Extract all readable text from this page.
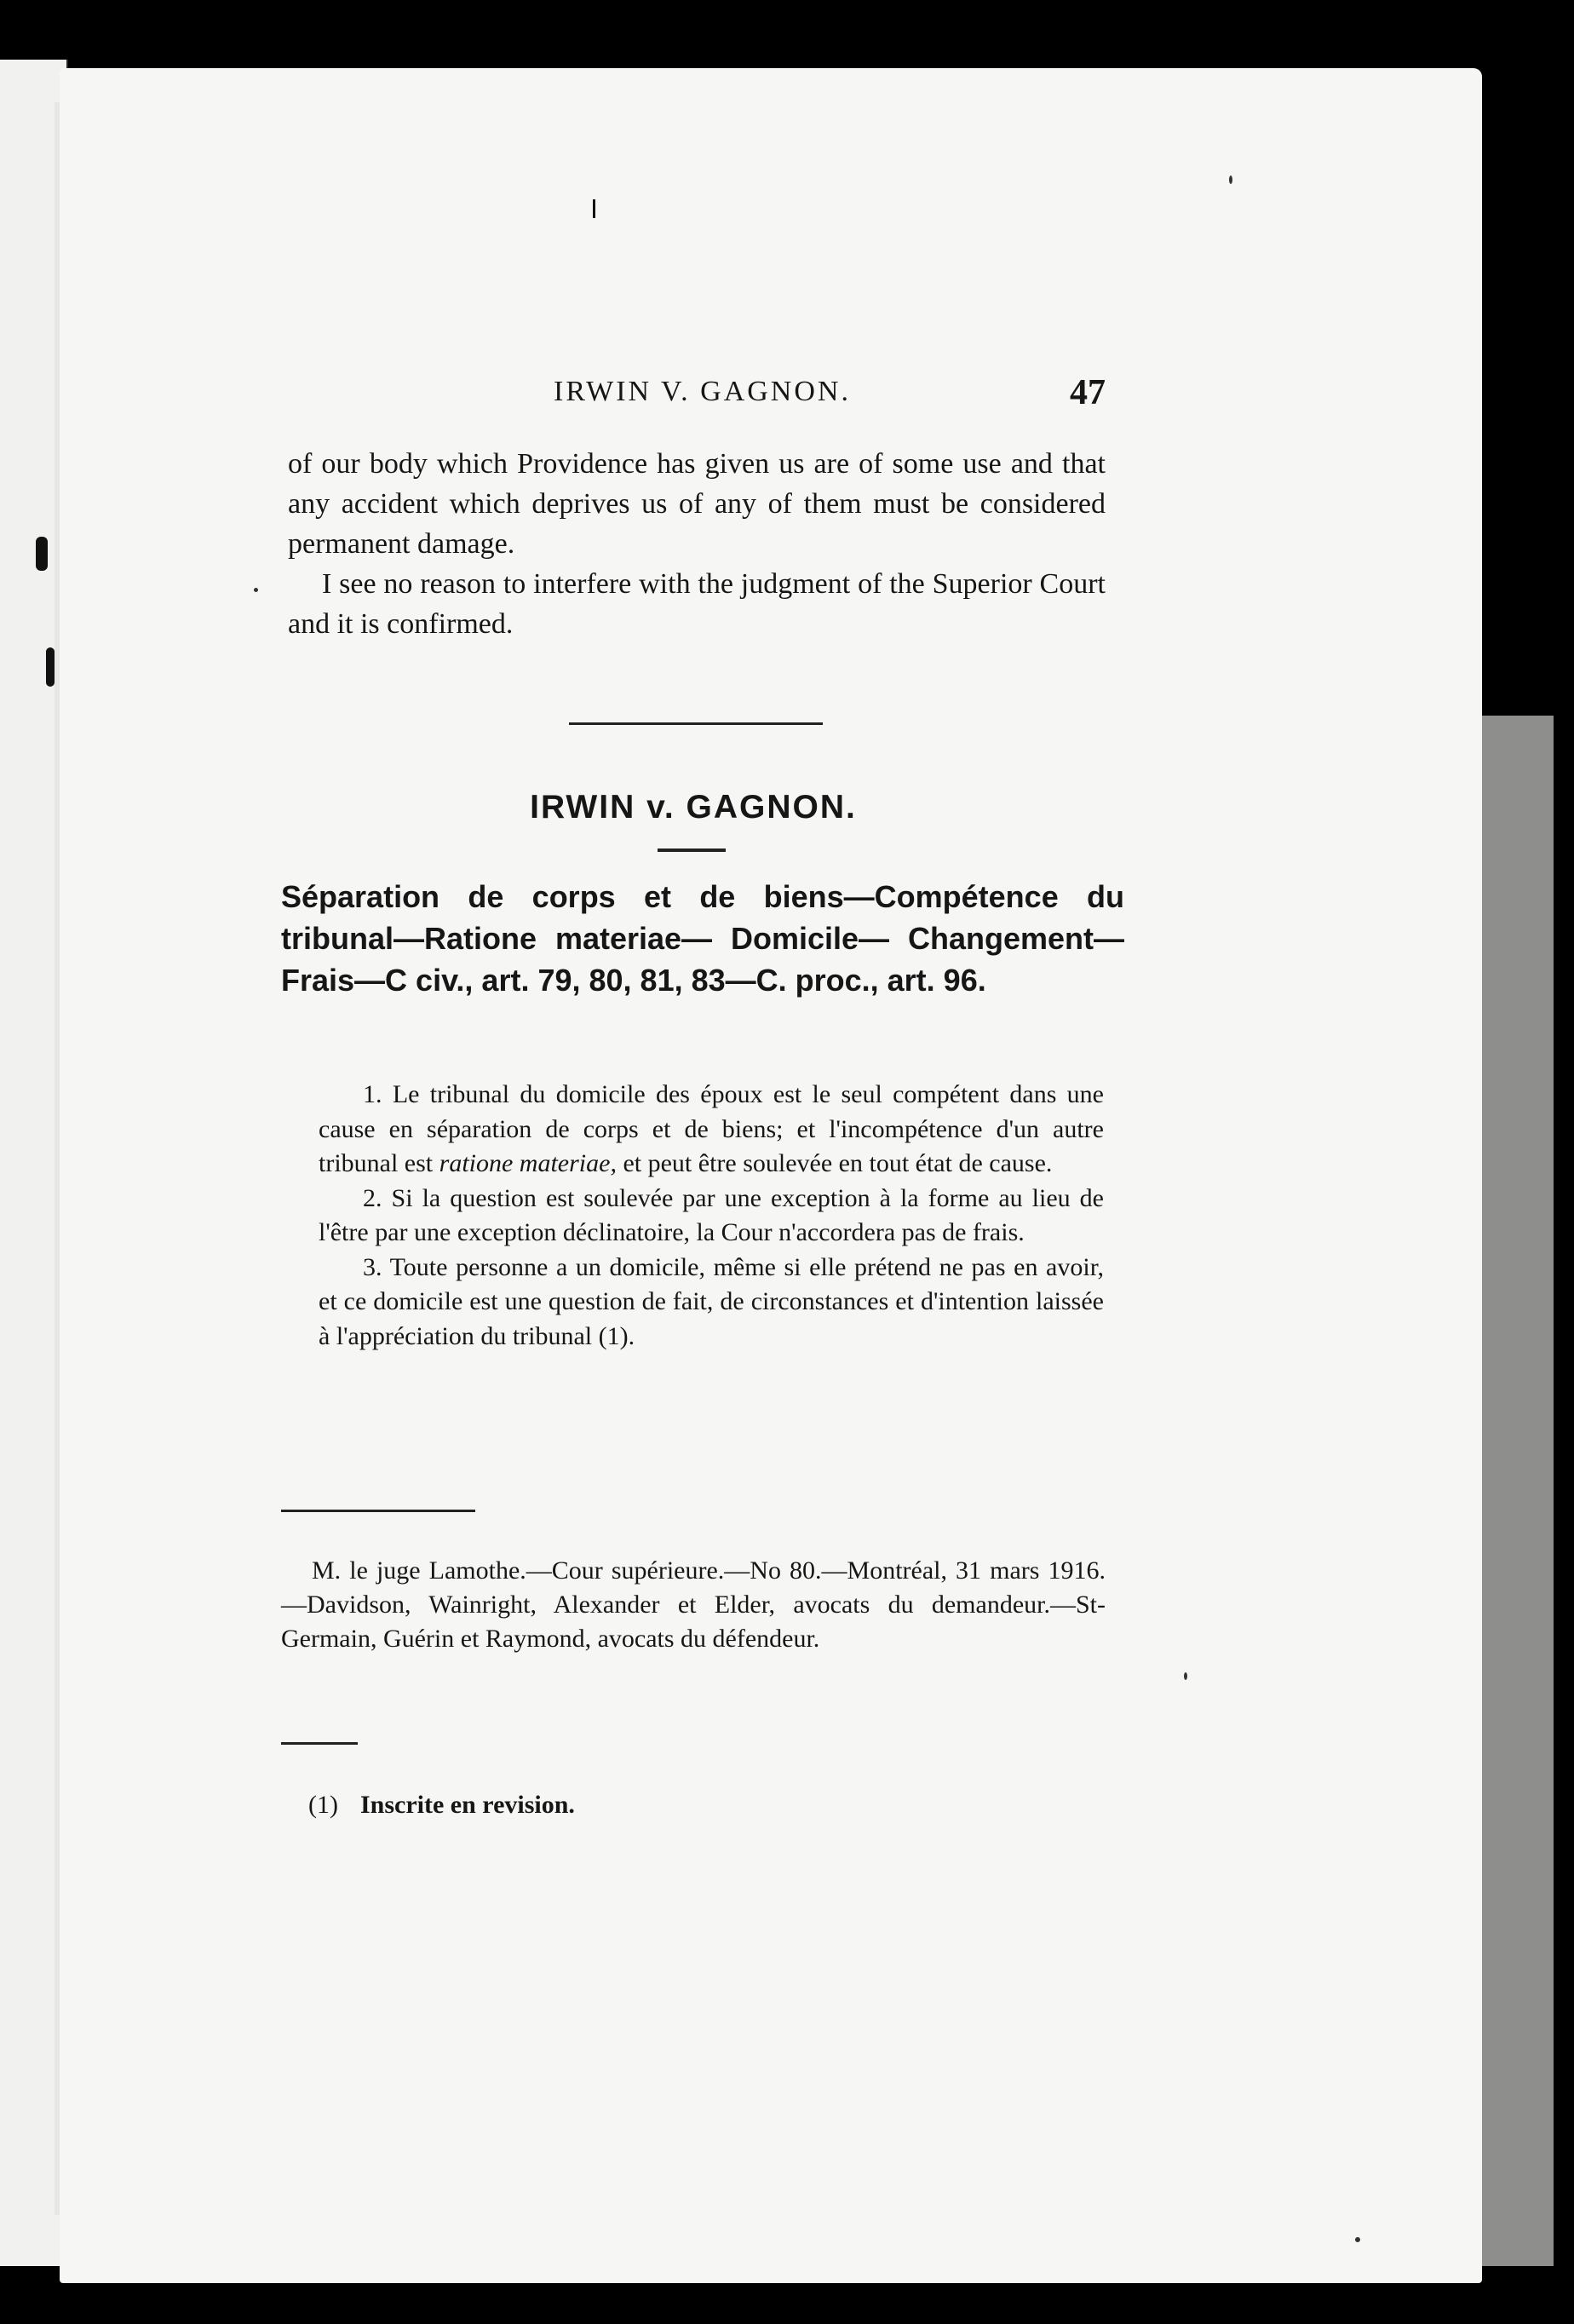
IRWIN V. GAGNON.	47

of our body which Providence has given us are of some use and that any accident which deprives us of any of them must be considered permanent damage.

I see no reason to interfere with the judgment of the Superior Court and it is confirmed.

IRWIN v. GAGNON.

Séparation de corps et de biens—Compétence du tribunal—Ratione materiae— Domicile— Changement—Frais—C civ., art. 79, 80, 81, 83—C. proc., art. 96.

1. Le tribunal du domicile des époux est le seul compétent dans une cause en séparation de corps et de biens; et l'incompétence d'un autre tribunal est ratione materiae, et peut être soulevée en tout état de cause.

2. Si la question est soulevée par une exception à la forme au lieu de l'être par une exception déclinatoire, la Cour n'accordera pas de frais.

3. Toute personne a un domicile, même si elle prétend ne pas en avoir, et ce domicile est une question de fait, de circonstances et d'intention laissée à l'appréciation du tribunal (1).

M. le juge Lamothe.—Cour supérieure.—No 80.—Montréal, 31 mars 1916.—Davidson, Wainright, Alexander et Elder, avocats du demandeur.—St-Germain, Guérin et Raymond, avocats du défendeur.

(1) Inscrite en revision.
